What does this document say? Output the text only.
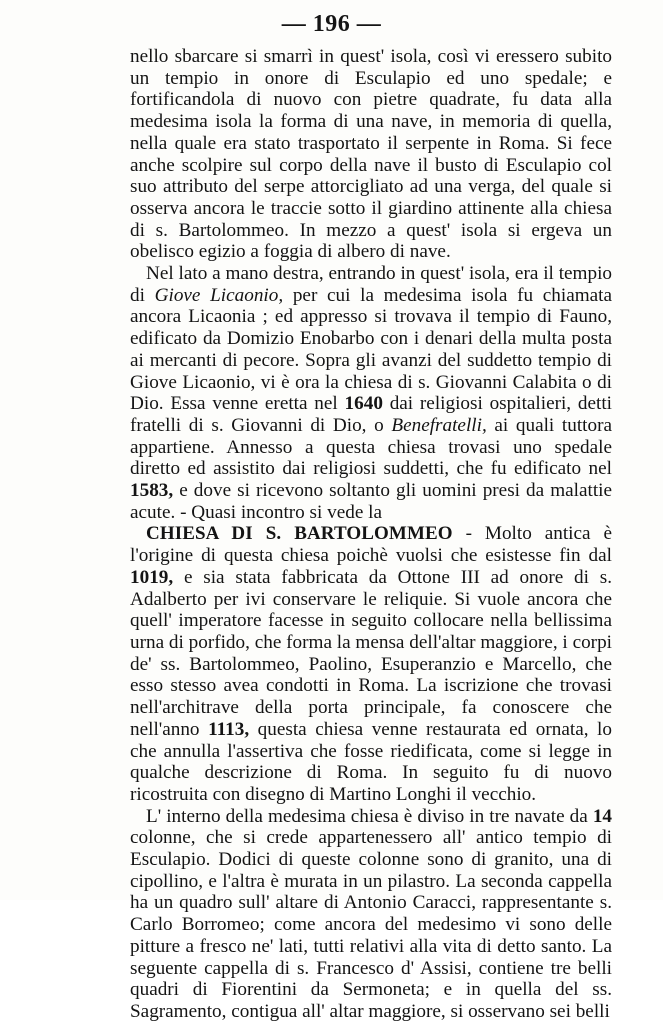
— 196 —

nello sbarcare si smarrì in quest' isola, così vi eressero subito un tempio in onore di Esculapio ed uno spedale; e fortificandola di nuovo con pietre quadrate, fu data alla medesima isola la forma di una nave, in memoria di quella, nella quale era stato trasportato il serpente in Roma. Si fece anche scolpire sul corpo della nave il busto di Esculapio col suo attributo del serpe attorcigliato ad una verga, del quale si osserva ancora le traccie sotto il giardino attinente alla chiesa di s. Bartolommeo. In mezzo a quest' isola si ergeva un obelisco egizio a foggia di albero di nave.

Nel lato a mano destra, entrando in quest' isola, era il tempio di Giove Licaonio, per cui la medesima isola fu chiamata ancora Licaonia ; ed appresso si trovava il tempio di Fauno, edificato da Domizio Enobarbo con i denari della multa posta ai mercanti di pecore. Sopra gli avanzi del suddetto tempio di Giove Licaonio, vi è ora la chiesa di s. Giovanni Calabita o di Dio. Essa venne eretta nel 1640 dai religiosi ospitalieri, detti fratelli di s. Giovanni di Dio, o Benefratelli, ai quali tuttora appartiene. Annesso a questa chiesa trovasi uno spedale diretto ed assistito dai religiosi suddetti, che fu edificato nel 1583, e dove si ricevono soltanto gli uomini presi da malattie acute. - Quasi incontro si vede la

CHIESA DI S. BARTOLOMMEO - Molto antica è l'origine di questa chiesa poichè vuolsi che esistesse fin dal 1019, e sia stata fabbricata da Ottone III ad onore di s. Adalberto per ivi conservare le reliquie. Si vuole ancora che quell' imperatore facesse in seguito collocare nella bellissima urna di porfido, che forma la mensa dell'altar maggiore, i corpi de' ss. Bartolommeo, Paolino, Esuperanzio e Marcello, che esso stesso avea condotti in Roma. La iscrizione che trovasi nell'architrave della porta principale, fa conoscere che nell'anno 1113, questa chiesa venne restaurata ed ornata, lo che annulla l'assertiva che fosse riedificata, come si legge in qualche descrizione di Roma. In seguito fu di nuovo ricostruita con disegno di Martino Longhi il vecchio.

L' interno della medesima chiesa è diviso in tre navate da 14 colonne, che si crede appartenessero all' antico tempio di Esculapio. Dodici di queste colonne sono di granito, una di cipollino, e l'altra è murata in un pilastro. La seconda cappella ha un quadro sull' altare di Antonio Caracci, rappresentante s. Carlo Borromeo; come ancora del medesimo vi sono delle pitture a fresco ne' lati, tutti relativi alla vita di detto santo. La seguente cappella di s. Francesco d' Assisi, contiene tre belli quadri di Fiorentini da Sermoneta; e in quella del ss. Sagramento, contigua all' altar maggiore, si osservano sei belli
